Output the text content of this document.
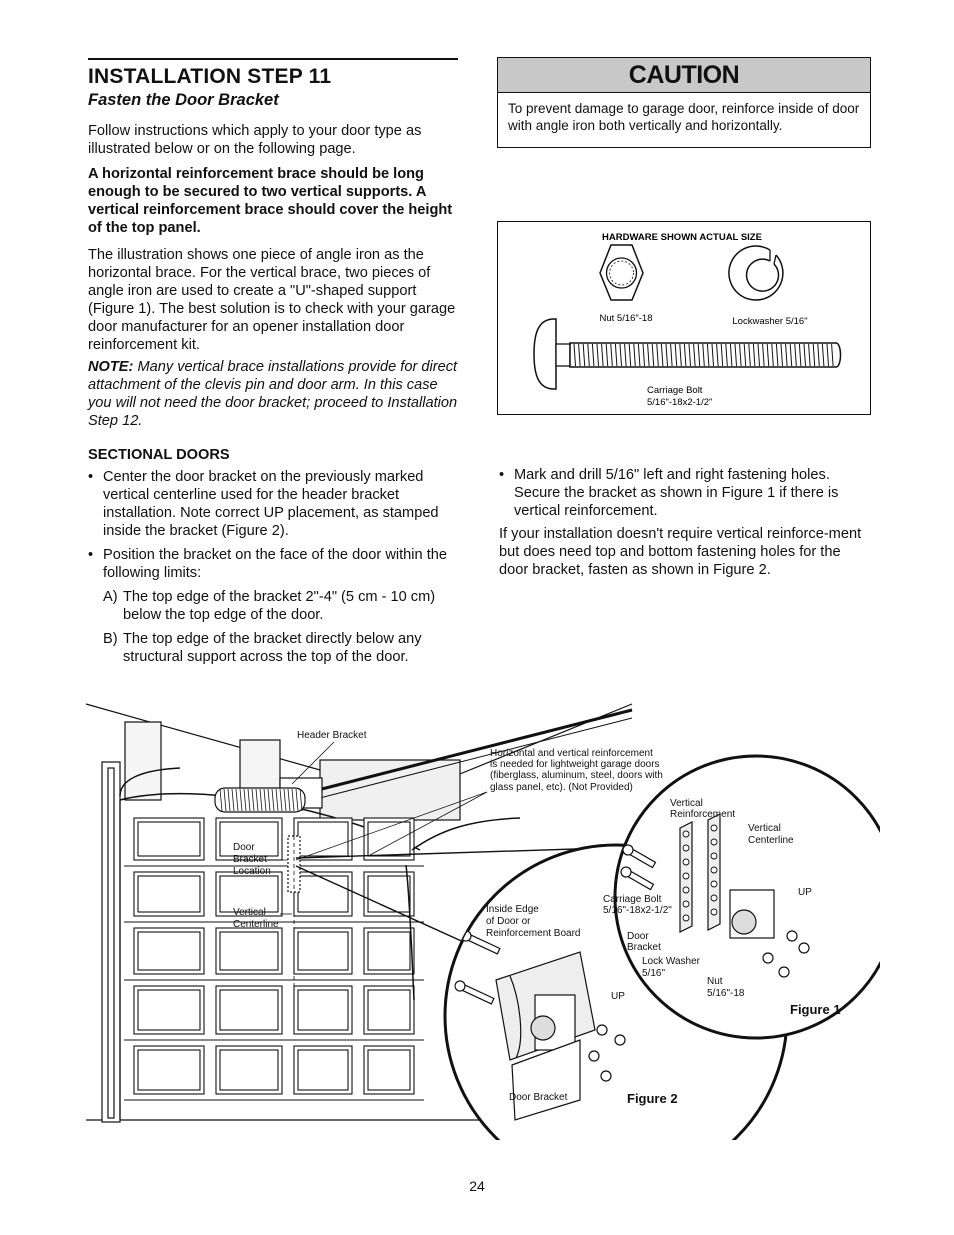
INSTALLATION STEP 11
Fasten the Door Bracket

Follow instructions which apply to your door type as illustrated below or on the following page.

A horizontal reinforcement brace should be long enough to be secured to two vertical supports. A vertical reinforcement brace should cover the height of the top panel.

The illustration shows one piece of angle iron as the horizontal brace. For the vertical brace, two pieces of angle iron are used to create a "U"-shaped support (Figure 1). The best solution is to check with your garage door manufacturer for an opener installation door reinforcement kit.

NOTE: Many vertical brace installations provide for direct attachment of the clevis pin and door arm. In this case you will not need the door bracket; proceed to Installation Step 12.

SECTIONAL DOORS
• Center the door bracket on the previously marked vertical centerline used for the header bracket installation. Note correct UP placement, as stamped inside the bracket (Figure 2).
• Position the bracket on the face of the door within the following limits:
A) The top edge of the bracket 2"-4" (5 cm - 10 cm) below the top edge of the door.
B) The top edge of the bracket directly below any structural support across the top of the door.
CAUTION
To prevent damage to garage door, reinforce inside of door with angle iron both vertically and horizontally.
HARDWARE SHOWN ACTUAL SIZE
Nut 5/16"-18	Lockwasher 5/16"
Carriage Bolt
5/16"-18x2-1/2"
• Mark and drill 5/16" left and right fastening holes. Secure the bracket as shown in Figure 1 if there is vertical reinforcement.

If your installation doesn't require vertical reinforce-ment but does need top and bottom fastening holes for the door bracket, fasten as shown in Figure 2.

Header Bracket
Horizontal and vertical reinforcement
is needed for lightweight garage doors
(fiberglass, aluminum, steel, doors with
glass panel, etc). (Not Provided)
Door
Bracket
Location
Vertical
Centerline
Inside Edge
of Door or
Reinforcement Board
UP
Door Bracket	Figure 2
Vertical
Reinforcement
Vertical
Centerline
Carriage Bolt
5/16"-18x2-1/2"
UP
Door
Bracket
Lock Washer
5/16"
Nut
5/16"-18
Figure 1
24
